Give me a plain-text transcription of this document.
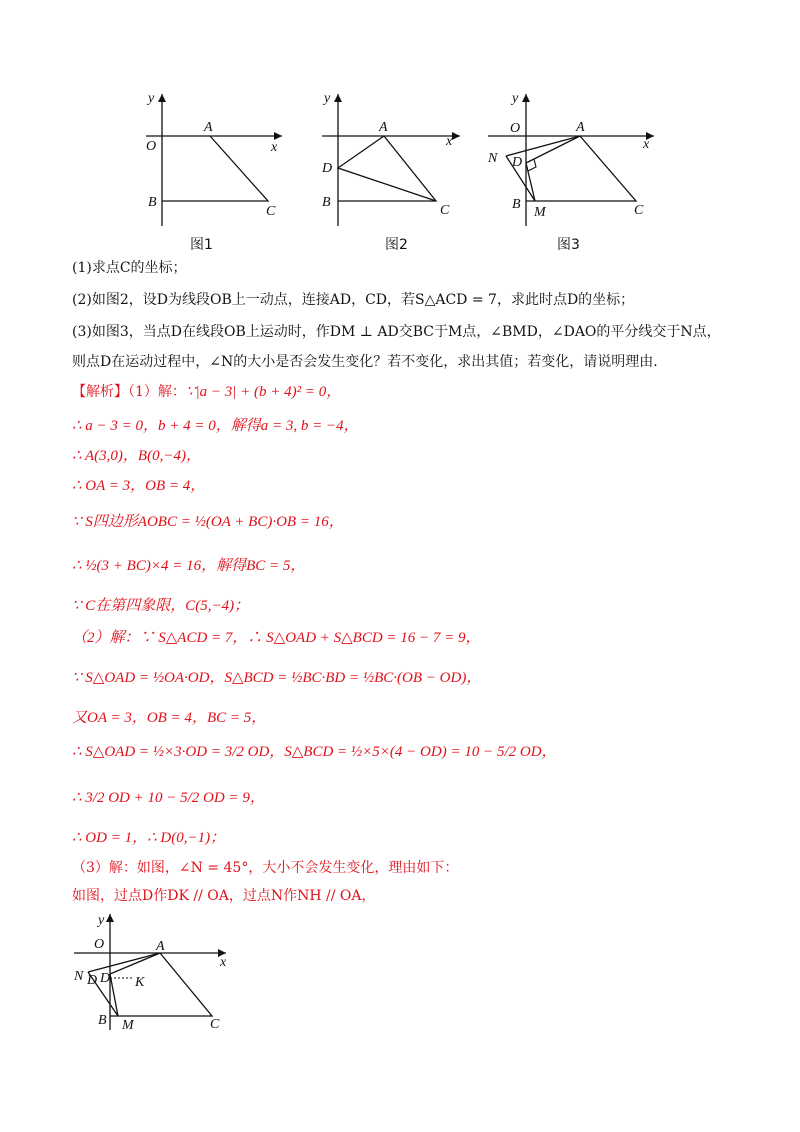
y
x
O
A
B
C
图1
y
x
A
D
B
C
图2
y
x
O	A
N D
B
M	C
图3
(1)求点C的坐标；
(2)如图2，设D为线段OB上一动点，连接AD，CD，若S△ACD = 7，求此时点D的坐标；
(3)如图3，当点D在线段OB上运动时，作DM ⊥ AD交BC于M点，∠BMD，∠DAO的平分线交于N点，
则点D在运动过程中，∠N的大小是否会发生变化？若不变化，求出其值；若变化，请说明理由.
【解析】（1）解：∵|a − 3| + (b + 4)² = 0，
∴ a − 3 = 0，b + 4 = 0，解得a = 3, b = −4，
∴ A(3,0)，B(0,−4)，
∴ OA = 3，OB = 4，
∵ S四边形AOBC = ½(OA + BC)·OB = 16，
∴ ½(3 + BC)×4 = 16，解得BC = 5，
∵ C在第四象限，C(5,−4)；
（2）解：∵ S△ACD = 7，∴ S△OAD + S△BCD = 16 − 7 = 9，
∵ S△OAD = ½OA·OD，S△BCD = ½BC·BD = ½BC·(OB − OD)，
又OA = 3，OB = 4，BC = 5，
∴ S△OAD = ½×3·OD = 3/2 OD，S△BCD = ½×5×(4 − OD) = 10 − 5/2 OD，
∴ 3/2 OD + 10 − 5/2 OD = 9，
∴ OD = 1，∴ D(0,−1)；
（3）解：如图，∠N = 45°，大小不会发生变化，理由如下：
如图，过点D作DK // OA，过点N作NH // OA，
y
x
O	A
N D D K
B M	C
